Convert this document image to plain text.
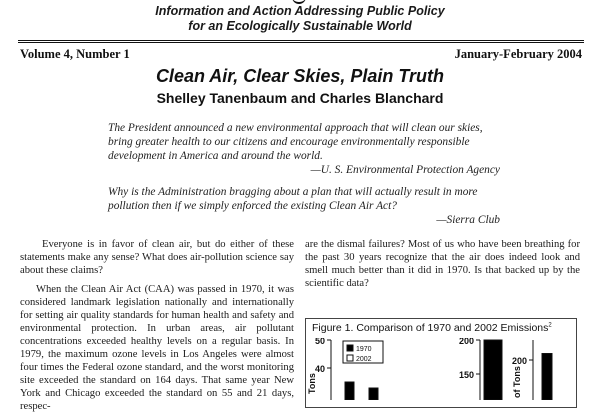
Information and Action Addressing Public Policy
for an Ecologically Sustainable World
Volume 4, Number 1	January-February 2004
Clean Air, Clear Skies, Plain Truth
Shelley Tanenbaum and Charles Blanchard
The President announced a new environmental approach that will clean our skies,
bring greater health to our citizens and encourage environmentally responsible
development in America and around the world.
—U. S. Environmental Protection Agency
Why is the Administration bragging about a plan that will actually result in more
pollution then if we simply enforced the existing Clean Air Act?
—Sierra Club

Everyone is in favor of clean air, but do either of these statements make any sense? What does air-pollution science say about these claims?

When the Clean Air Act (CAA) was passed in 1970, it was considered landmark legislation nationally and internationally for setting air quality standards for human health and safety and environmental protection. In urban areas, air pollutant concentrations exceeded healthy levels on a regular basis. In 1979, the maximum ozone levels in Los Angeles were almost four times the Federal ozone standard, and the worst monitoring site exceeded the standard on 164 days. That same year New York and Chicago exceeded the standard on 55 and 21 days, respec-

are the dismal failures? Most of us who have been breathing for the past 30 years recognize that the air does indeed look and smell much better than it did in 1970. Is that backed up by the scientific data?

Figure 1. Comparison of 1970 and 2002 Emissions$^2$
50
40
Tons
1970
2002
200
150
200
of Tons
